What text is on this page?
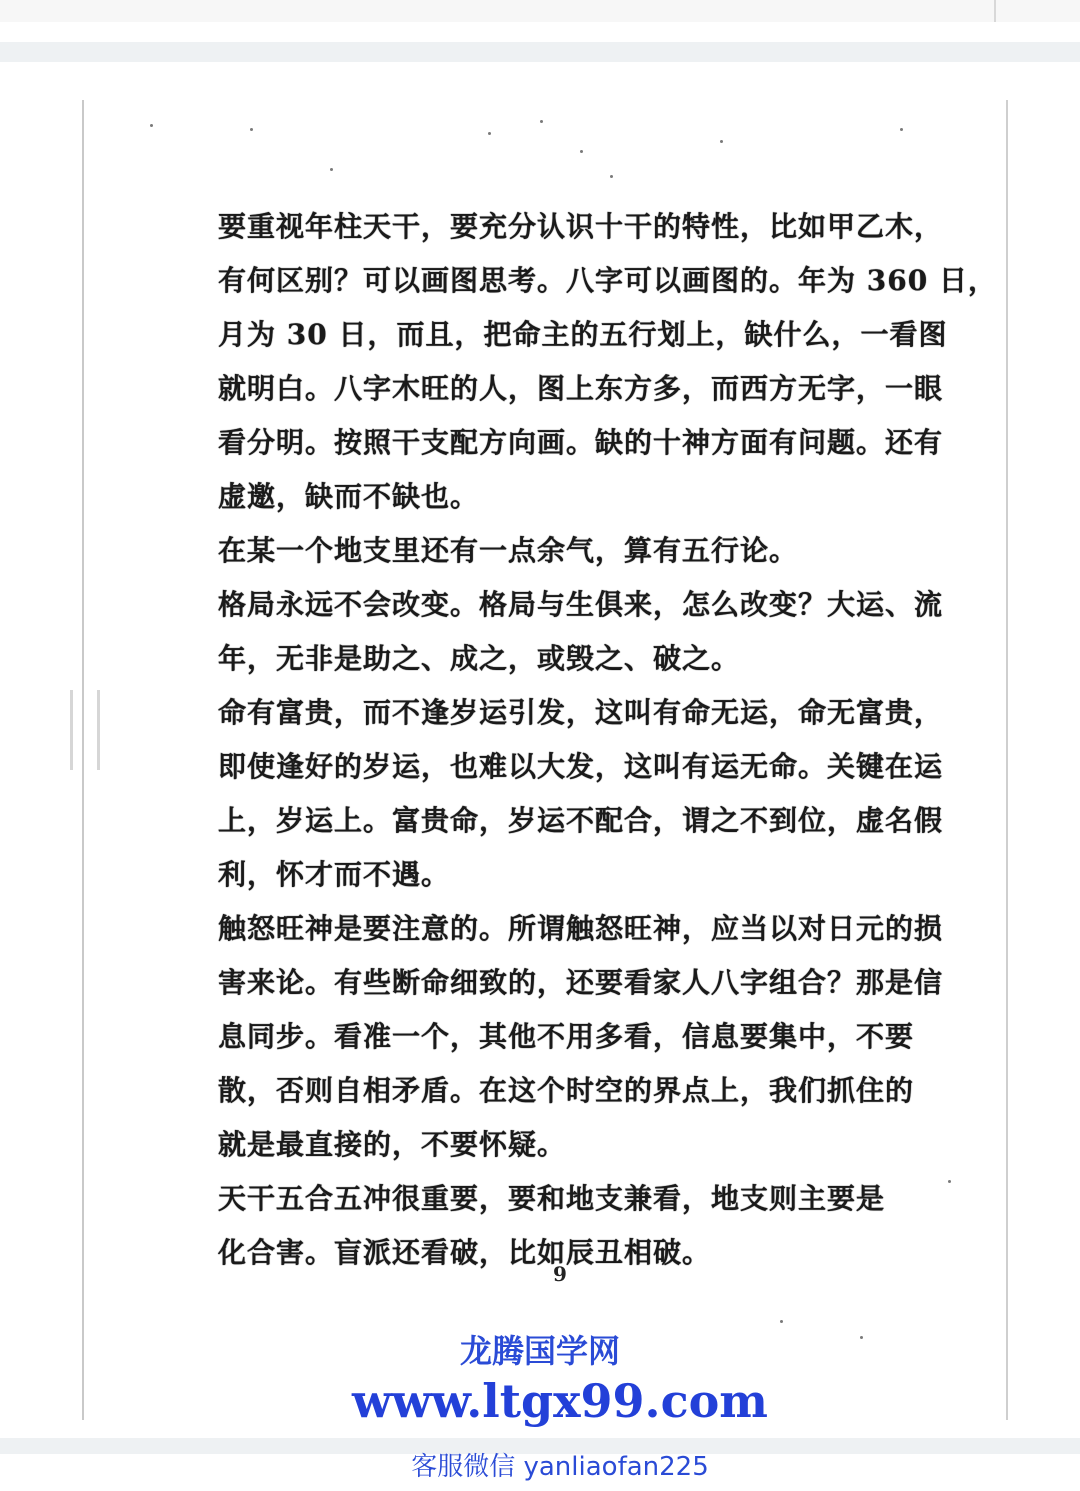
要重视年柱天干，要充分认识十干的特性，比如甲乙木，
有何区别？可以画图思考。八字可以画图的。年为 360 日，
月为 30 日，而且，把命主的五行划上，缺什么，一看图
就明白。八字木旺的人，图上东方多，而西方无字，一眼
看分明。按照干支配方向画。缺的十神方面有问题。还有
虚邀，缺而不缺也。
在某一个地支里还有一点余气，算有五行论。
格局永远不会改变。格局与生俱来，怎么改变？大运、流
年，无非是助之、成之，或毁之、破之。
命有富贵，而不逢岁运引发，这叫有命无运，命无富贵，
即使逢好的岁运，也难以大发，这叫有运无命。关键在运
上，岁运上。富贵命，岁运不配合，谓之不到位，虚名假
利，怀才而不遇。
触怒旺神是要注意的。所谓触怒旺神，应当以对日元的损
害来论。有些断命细致的，还要看家人八字组合？那是信
息同步。看准一个，其他不用多看，信息要集中，不要
散，否则自相矛盾。在这个时空的界点上，我们抓住的
就是最直接的，不要怀疑。
天干五合五冲很重要，要和地支兼看，地支则主要是
化合害。盲派还看破，比如辰丑相破。
9
龙腾国学网
www.ltgx99.com
客服微信 yanliaofan225
